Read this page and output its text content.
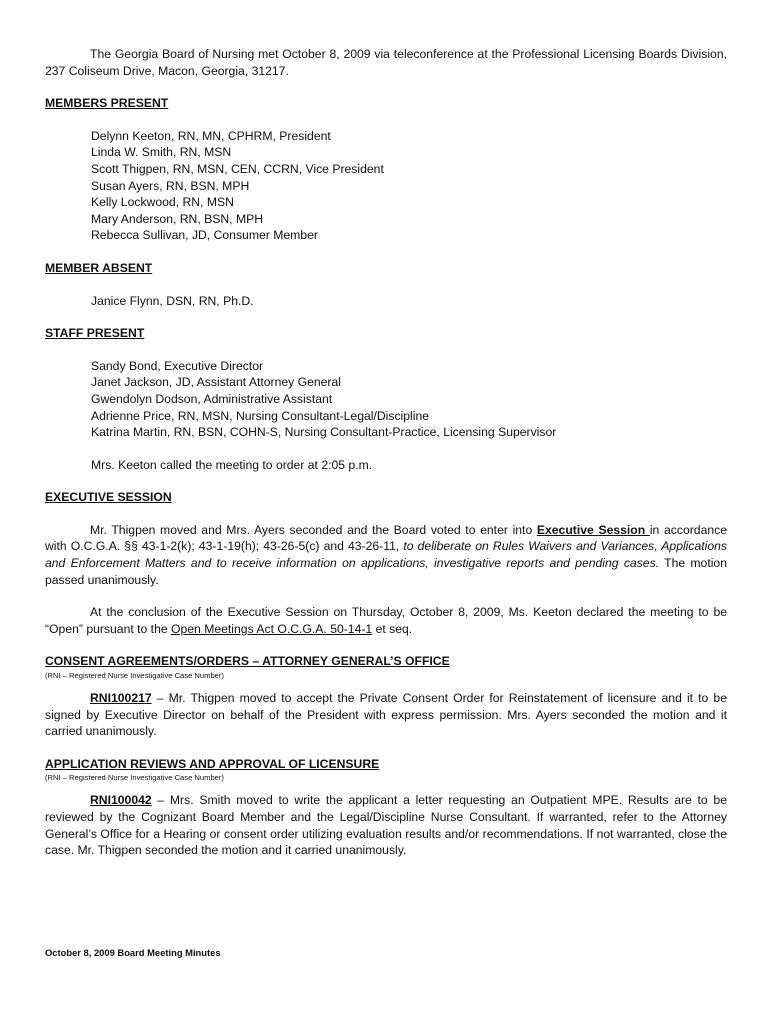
The Georgia Board of Nursing met October 8, 2009 via teleconference at the Professional Licensing Boards Division, 237 Coliseum Drive, Macon, Georgia, 31217.

MEMBERS PRESENT

Delynn Keeton, RN, MN, CPHRM, President

Linda W. Smith, RN, MSN

Scott Thigpen, RN, MSN, CEN, CCRN, Vice President

Susan Ayers, RN, BSN, MPH

Kelly Lockwood, RN, MSN

Mary Anderson, RN, BSN, MPH

Rebecca Sullivan, JD, Consumer Member

MEMBER ABSENT

Janice Flynn, DSN, RN, Ph.D.

STAFF PRESENT

Sandy Bond, Executive Director

Janet Jackson, JD, Assistant Attorney General

Gwendolyn Dodson, Administrative Assistant

Adrienne Price, RN, MSN, Nursing Consultant-Legal/Discipline

Katrina Martin, RN, BSN, COHN-S, Nursing Consultant-Practice, Licensing Supervisor

Mrs. Keeton called the meeting to order at 2:05 p.m.

EXECUTIVE SESSION

Mr. Thigpen moved and Mrs. Ayers seconded and the Board voted to enter into Executive Session in accordance with O.C.G.A. §§ 43-1-2(k); 43-1-19(h); 43-26-5(c) and 43-26-11, to deliberate on Rules Waivers and Variances, Applications and Enforcement Matters and to receive information on applications, investigative reports and pending cases. The motion passed unanimously.

At the conclusion of the Executive Session on Thursday, October 8, 2009, Ms. Keeton declared the meeting to be “Open” pursuant to the Open Meetings Act O.C.G.A. 50-14-1 et seq.

CONSENT AGREEMENTS/ORDERS – ATTORNEY GENERAL’S OFFICE

(RNI – Registered Nurse Investigative Case Number)

RNI100217 – Mr. Thigpen moved to accept the Private Consent Order for Reinstatement of licensure and it to be signed by Executive Director on behalf of the President with express permission. Mrs. Ayers seconded the motion and it carried unanimously.

APPLICATION REVIEWS AND APPROVAL OF LICENSURE

(RNI – Registered Nurse Investigative Case Number)

RNI100042 – Mrs. Smith moved to write the applicant a letter requesting an Outpatient MPE. Results are to be reviewed by the Cognizant Board Member and the Legal/Discipline Nurse Consultant. If warranted, refer to the Attorney General’s Office for a Hearing or consent order utilizing evaluation results and/or recommendations. If not warranted, close the case. Mr. Thigpen seconded the motion and it carried unanimously.

October 8, 2009 Board Meeting Minutes
